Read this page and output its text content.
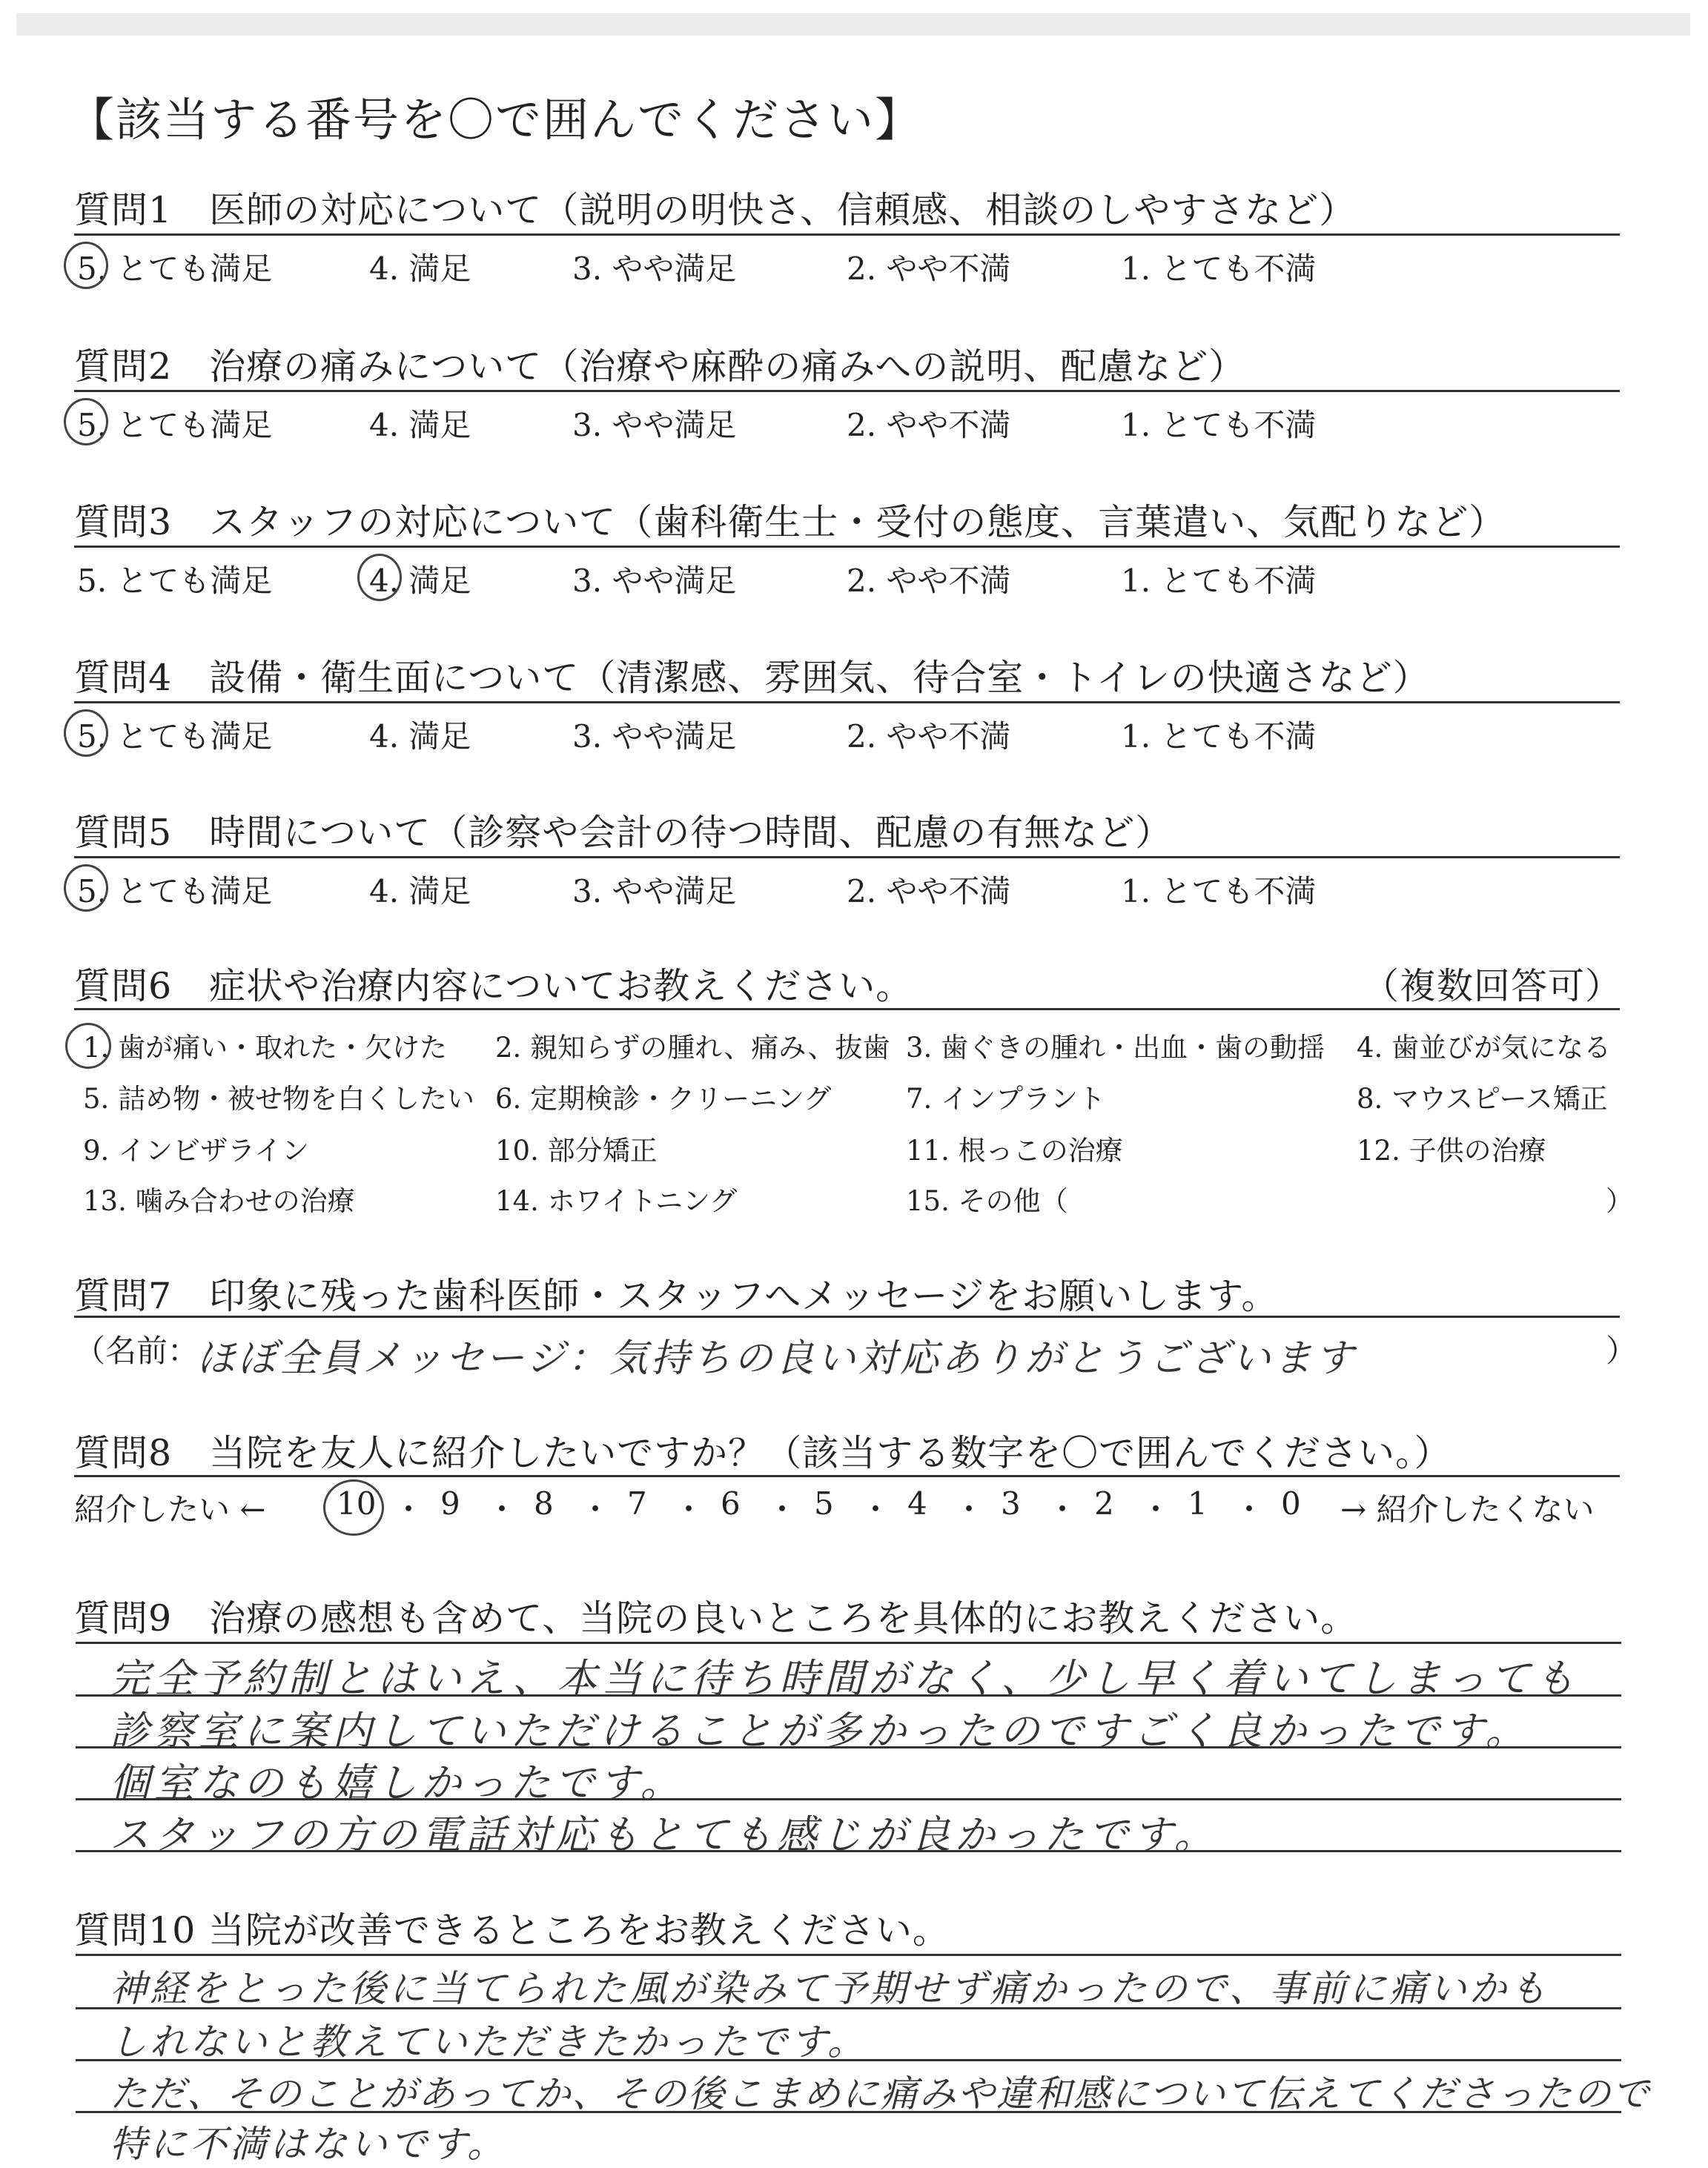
【該当する番号を〇で囲んでください】
質問1　医師の対応について（説明の明快さ、信頼感、相談のしやすさなど）
5. とても満足	4. 満足	3. やや満足	2. やや不満	1. とても不満
質問2　治療の痛みについて（治療や麻酔の痛みへの説明、配慮など）
5. とても満足	4. 満足	3. やや満足	2. やや不満	1. とても不満
質問3　スタッフの対応について（歯科衛生士・受付の態度、言葉遣い、気配りなど）
5. とても満足	4. 満足	3. やや満足	2. やや不満	1. とても不満
質問4　設備・衛生面について（清潔感、雰囲気、待合室・トイレの快適さなど）
5. とても満足	4. 満足	3. やや満足	2. やや不満	1. とても不満
質問5　時間について（診察や会計の待つ時間、配慮の有無など）
5. とても満足	4. 満足	3. やや満足	2. やや不満	1. とても不満
質問6　症状や治療内容についてお教えください。	（複数回答可）
1. 歯が痛い・取れた・欠けた 2. 親知らずの腫れ、痛み、抜歯 3. 歯ぐきの腫れ・出血・歯の動揺 4. 歯並びが気になる
5. 詰め物・被せ物を白くしたい 6. 定期検診・クリーニング	7. インプラント	8. マウスピース矯正
9. インビザライン	10. 部分矯正	11. 根っこの治療	12. 子供の治療
13. 噛み合わせの治療	14. ホワイトニング	15. その他（	）
質問7　印象に残った歯科医師・スタッフへメッセージをお願いします。
（名前：
ほぼ全員メッセージ：気持ちの良い対応ありがとうございます	）
質問8　当院を友人に紹介したいですか？（該当する数字を〇で囲んでください。）
紹介したい ← 10 ・ 9 ・ 8 ・ 7 ・ 6 ・ 5 ・ 4 ・ 3 ・ 2 ・ 1 ・ 0 → 紹介したくない
質問9　治療の感想も含めて、当院の良いところを具体的にお教えください。
完全予約制とはいえ、本当に待ち時間がなく、少し早く着いてしまっても
診察室に案内していただけることが多かったのですごく良かったです。
個室なのも嬉しかったです。
スタッフの方の電話対応もとても感じが良かったです。
質問10 当院が改善できるところをお教えください。
神経をとった後に当てられた風が染みて予期せず痛かったので、事前に痛いかも
しれないと教えていただきたかったです。
ただ、そのことがあってか、その後こまめに痛みや違和感について伝えてくださったので
特に不満はないです。
